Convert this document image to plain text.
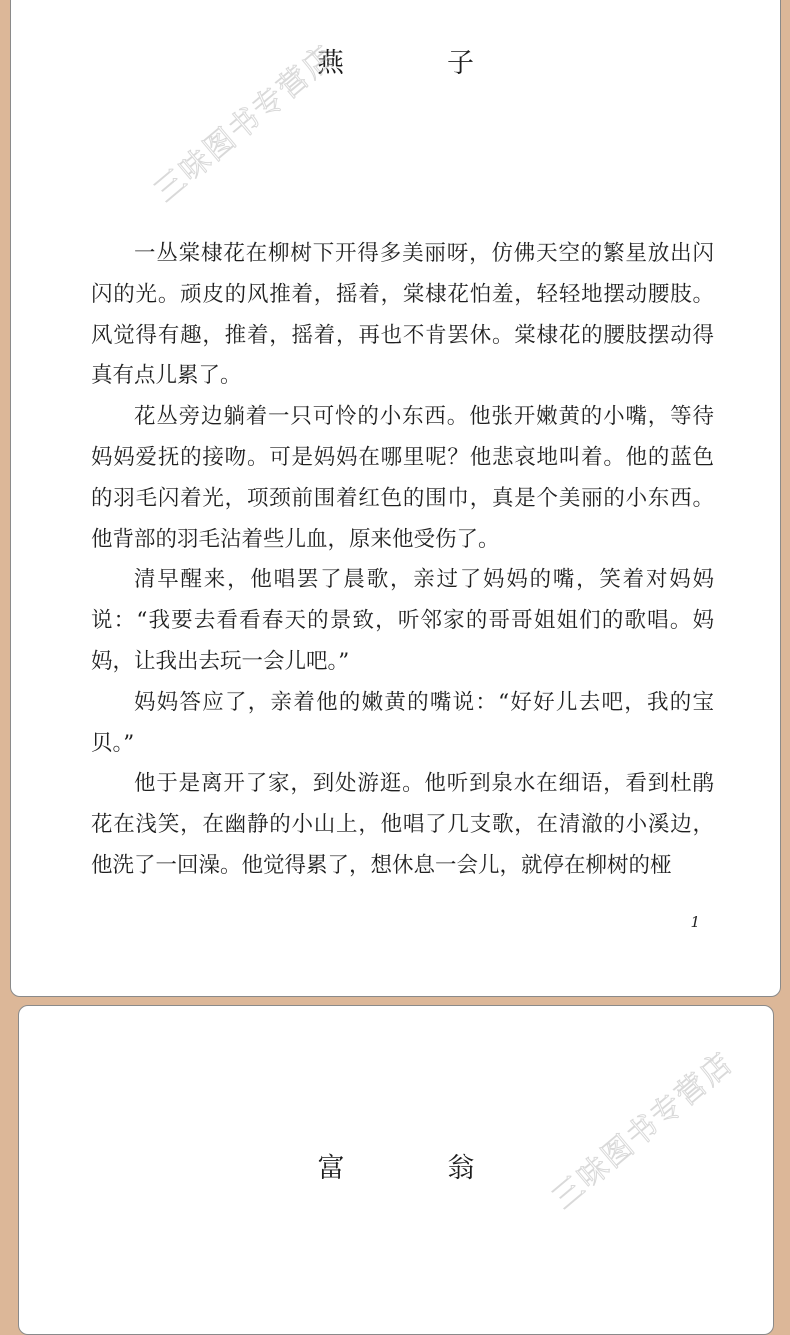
燕　子
三味图书专营店

一丛棠棣花在柳树下开得多美丽呀，仿佛天空的繁星放出闪闪的光。顽皮的风推着，摇着，棠棣花怕羞，轻轻地摆动腰肢。风觉得有趣，推着，摇着，再也不肯罢休。棠棣花的腰肢摆动得真有点儿累了。

花丛旁边躺着一只可怜的小东西。他张开嫩黄的小嘴，等待妈妈爱抚的接吻。可是妈妈在哪里呢？他悲哀地叫着。他的蓝色的羽毛闪着光，项颈前围着红色的围巾，真是个美丽的小东西。他背部的羽毛沾着些儿血，原来他受伤了。

清早醒来，他唱罢了晨歌，亲过了妈妈的嘴，笑着对妈妈说：“我要去看看春天的景致，听邻家的哥哥姐姐们的歌唱。妈妈，让我出去玩一会儿吧。”

妈妈答应了，亲着他的嫩黄的嘴说：“好好儿去吧，我的宝贝。”

他于是离开了家，到处游逛。他听到泉水在细语，看到杜鹃花在浅笑，在幽静的小山上，他唱了几支歌，在清澈的小溪边，他洗了一回澡。他觉得累了，想休息一会儿，就停在柳树的桠

1
富　翁	三味图书专营店
